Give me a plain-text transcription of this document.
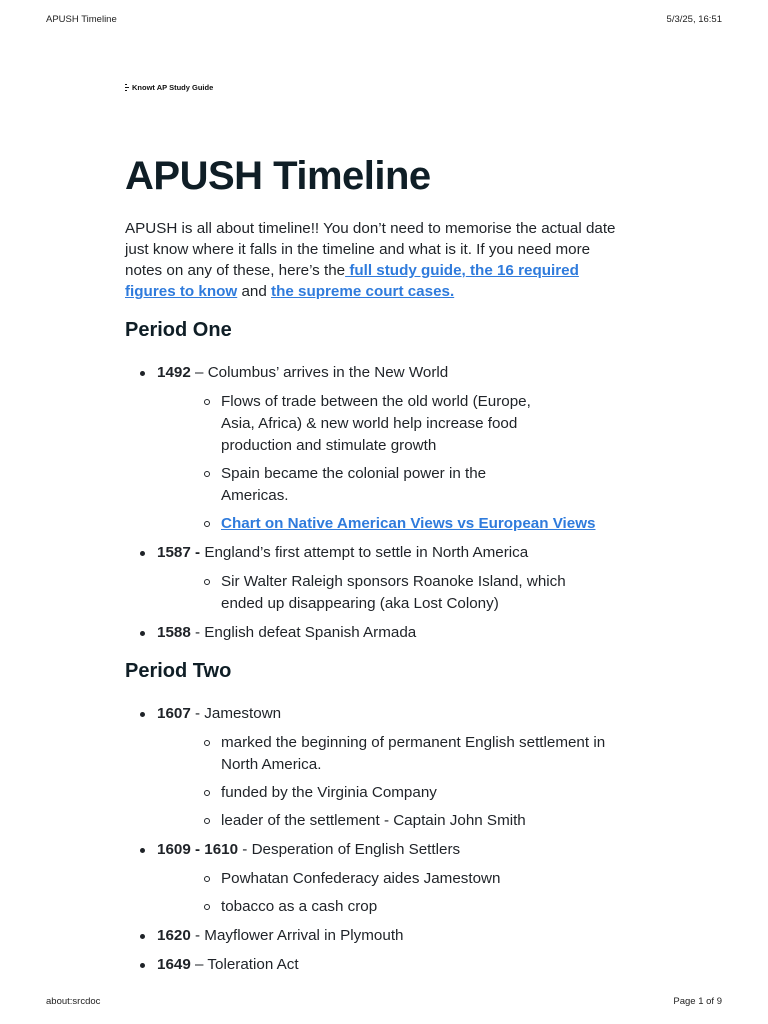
APUSH Timeline	5/3/25, 16:51
Knowt AP Study Guide
APUSH Timeline

APUSH is all about timeline!! You don’t need to memorise the actual date just know where it falls in the timeline and what is it. If you need more notes on any of these, here’s the full study guide, the 16 required figures to know and the supreme court cases.

Period One
1492 – Columbus’ arrives in the New World
Flows of trade between the old world (Europe, Asia, Africa) & new world help increase food production and stimulate growth
Spain became the colonial power in the Americas.
Chart on Native American Views vs European Views
1587 - England’s first attempt to settle in North America
Sir Walter Raleigh sponsors Roanoke Island, which ended up disappearing (aka Lost Colony)
1588 - English defeat Spanish Armada
Period Two
1607 - Jamestown
marked the beginning of permanent English settlement in North America.
funded by the Virginia Company
leader of the settlement - Captain John Smith
1609 - 1610 - Desperation of English Settlers
Powhatan Confederacy aides Jamestown
tobacco as a cash crop
1620 - Mayflower Arrival in Plymouth
1649 – Toleration Act
about:srcdoc	Page 1 of 9
